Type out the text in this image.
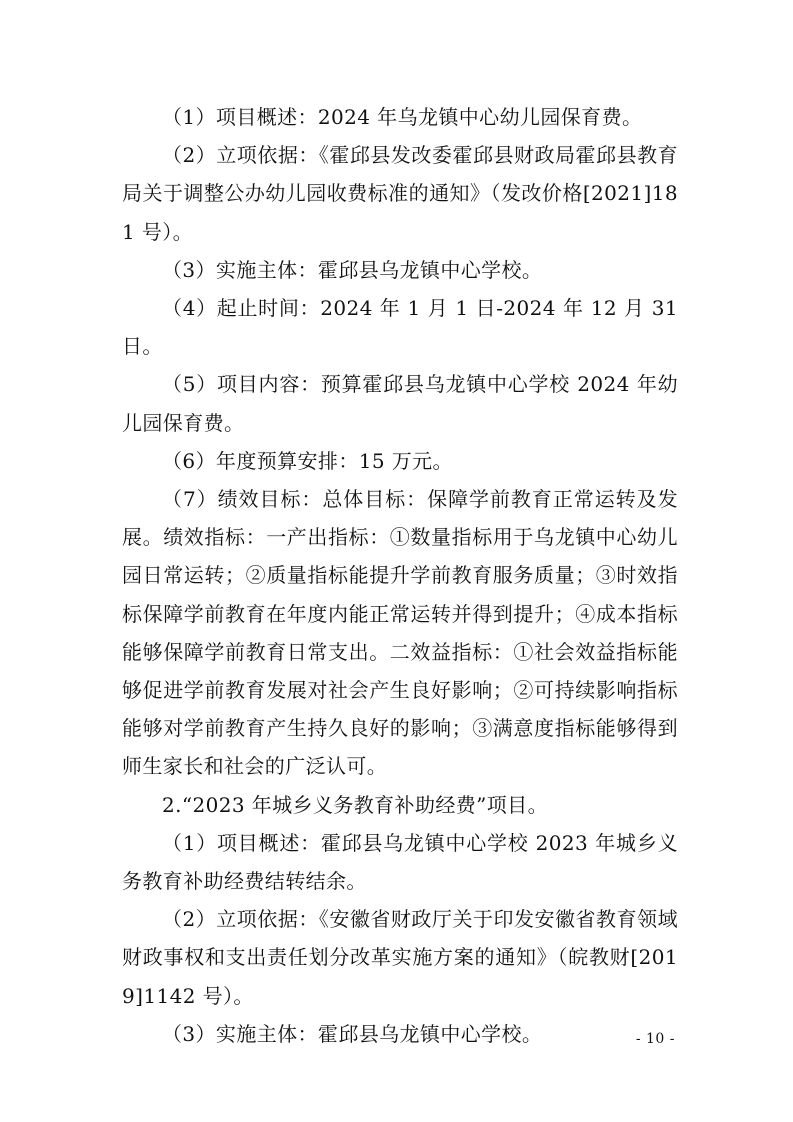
（1）项目概述：2024 年乌龙镇中心幼儿园保育费。

（2）立项依据：《霍邱县发改委霍邱县财政局霍邱县教育局关于调整公办幼儿园收费标准的通知》（发改价格[2021]181 号）。

（3）实施主体：霍邱县乌龙镇中心学校。

（4）起止时间：2024 年 1 月 1 日-2024 年 12 月 31 日。

（5）项目内容：预算霍邱县乌龙镇中心学校 2024 年幼儿园保育费。

（6）年度预算安排：15 万元。

（7）绩效目标：总体目标：保障学前教育正常运转及发展。绩效指标：一产出指标：①数量指标用于乌龙镇中心幼儿园日常运转；②质量指标能提升学前教育服务质量；③时效指标保障学前教育在年度内能正常运转并得到提升；④成本指标能够保障学前教育日常支出。二效益指标：①社会效益指标能够促进学前教育发展对社会产生良好影响；②可持续影响指标能够对学前教育产生持久良好的影响；③满意度指标能够得到师生家长和社会的广泛认可。

2.“2023 年城乡义务教育补助经费”项目。

（1）项目概述：霍邱县乌龙镇中心学校 2023 年城乡义务教育补助经费结转结余。

（2）立项依据：《安徽省财政厅关于印发安徽省教育领域财政事权和支出责任划分改革实施方案的通知》（皖教财[2019]1142 号）。

（3）实施主体：霍邱县乌龙镇中心学校。	- 10 -
